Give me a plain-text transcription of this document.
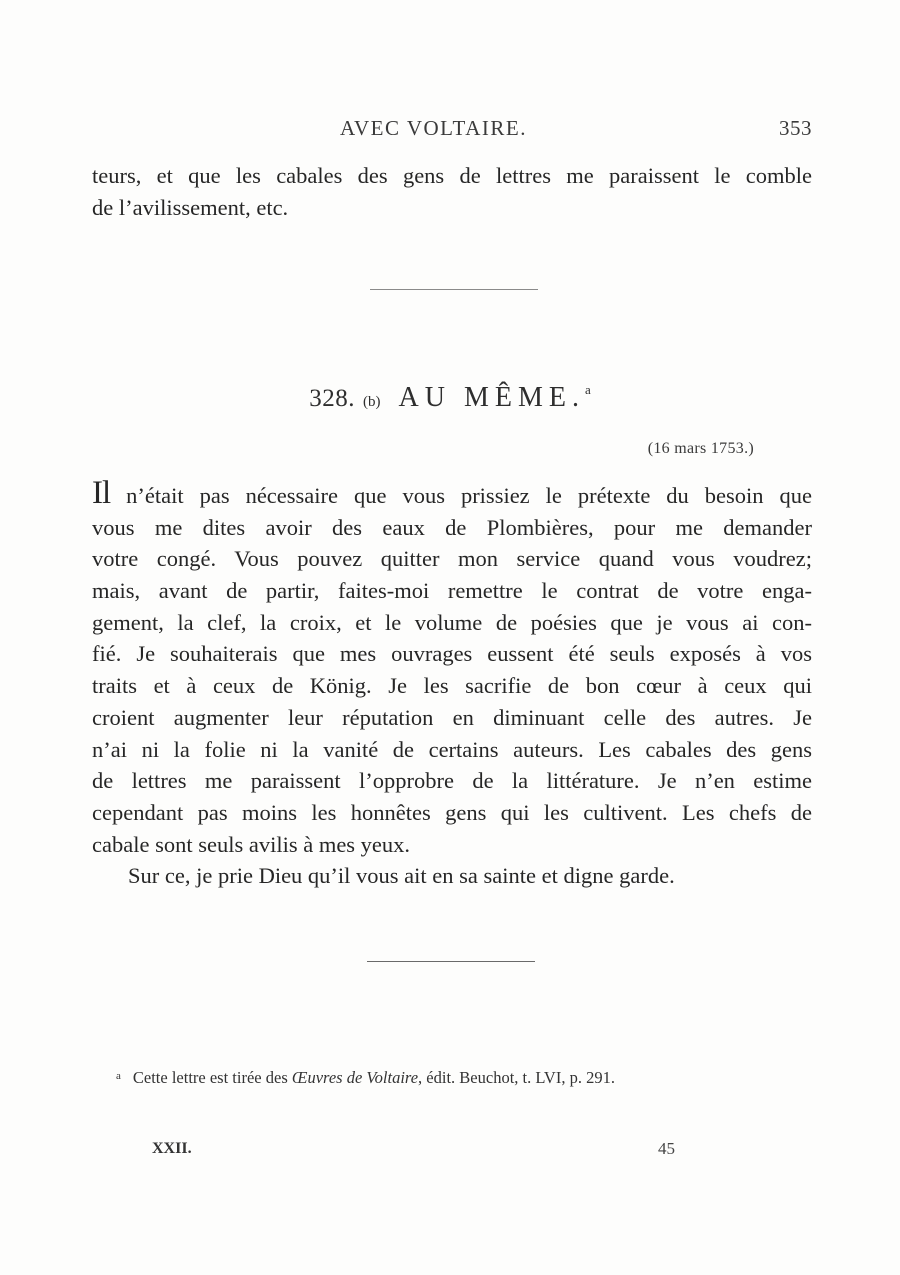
AVEC VOLTAIRE.	353
teurs, et que les cabales des gens de lettres me paraissent le comble
de l’avilissement, etc.
328. (b) AU MÊME.$^a$
(16 mars 1753.)
Il n’était pas nécessaire que vous prissiez le prétexte du besoin que
vous me dites avoir des eaux de Plombières, pour me demander
votre congé. Vous pouvez quitter mon service quand vous voudrez;
mais, avant de partir, faites-moi remettre le contrat de votre enga-
gement, la clef, la croix, et le volume de poésies que je vous ai con-
fié. Je souhaiterais que mes ouvrages eussent été seuls exposés à vos
traits et à ceux de König. Je les sacrifie de bon cœur à ceux qui
croient augmenter leur réputation en diminuant celle des autres. Je
n’ai ni la folie ni la vanité de certains auteurs. Les cabales des gens
de lettres me paraissent l’opprobre de la littérature. Je n’en estime
cependant pas moins les honnêtes gens qui les cultivent. Les chefs de
cabale sont seuls avilis à mes yeux.
Sur ce, je prie Dieu qu’il vous ait en sa sainte et digne garde.
$^a$ Cette lettre est tirée des Œuvres de Voltaire, édit. Beuchot, t. LVI, p. 291.
XXII.	45
